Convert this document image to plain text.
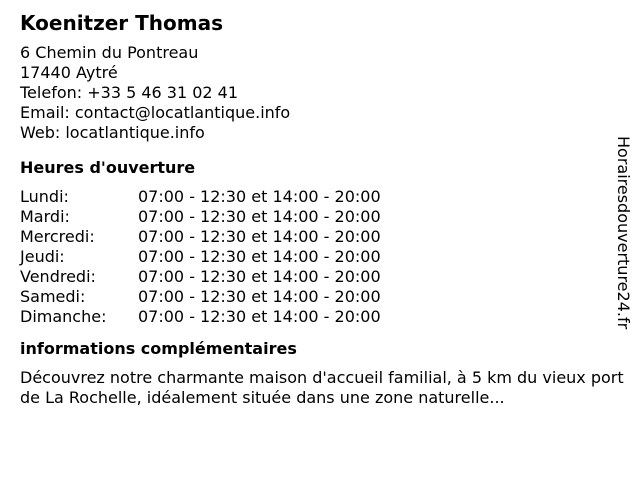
Koenitzer Thomas
6 Chemin du Pontreau
17440 Aytré
Telefon: +33 5 46 31 02 41
Email: contact@locatlantique.info
Web: locatlantique.info
Heures d'ouverture
Lundi:	07:00 - 12:30 et 14:00 - 20:00
Mardi:	07:00 - 12:30 et 14:00 - 20:00
Mercredi:	07:00 - 12:30 et 14:00 - 20:00
Jeudi:	07:00 - 12:30 et 14:00 - 20:00
Vendredi:	07:00 - 12:30 et 14:00 - 20:00
Samedi:	07:00 - 12:30 et 14:00 - 20:00
Dimanche:	07:00 - 12:30 et 14:00 - 20:00
informations complémentaires
Découvrez notre charmante maison d'accueil familial, à 5 km du vieux port de La Rochelle, idéalement située dans une zone naturelle...
Horairesdouverture24.fr
